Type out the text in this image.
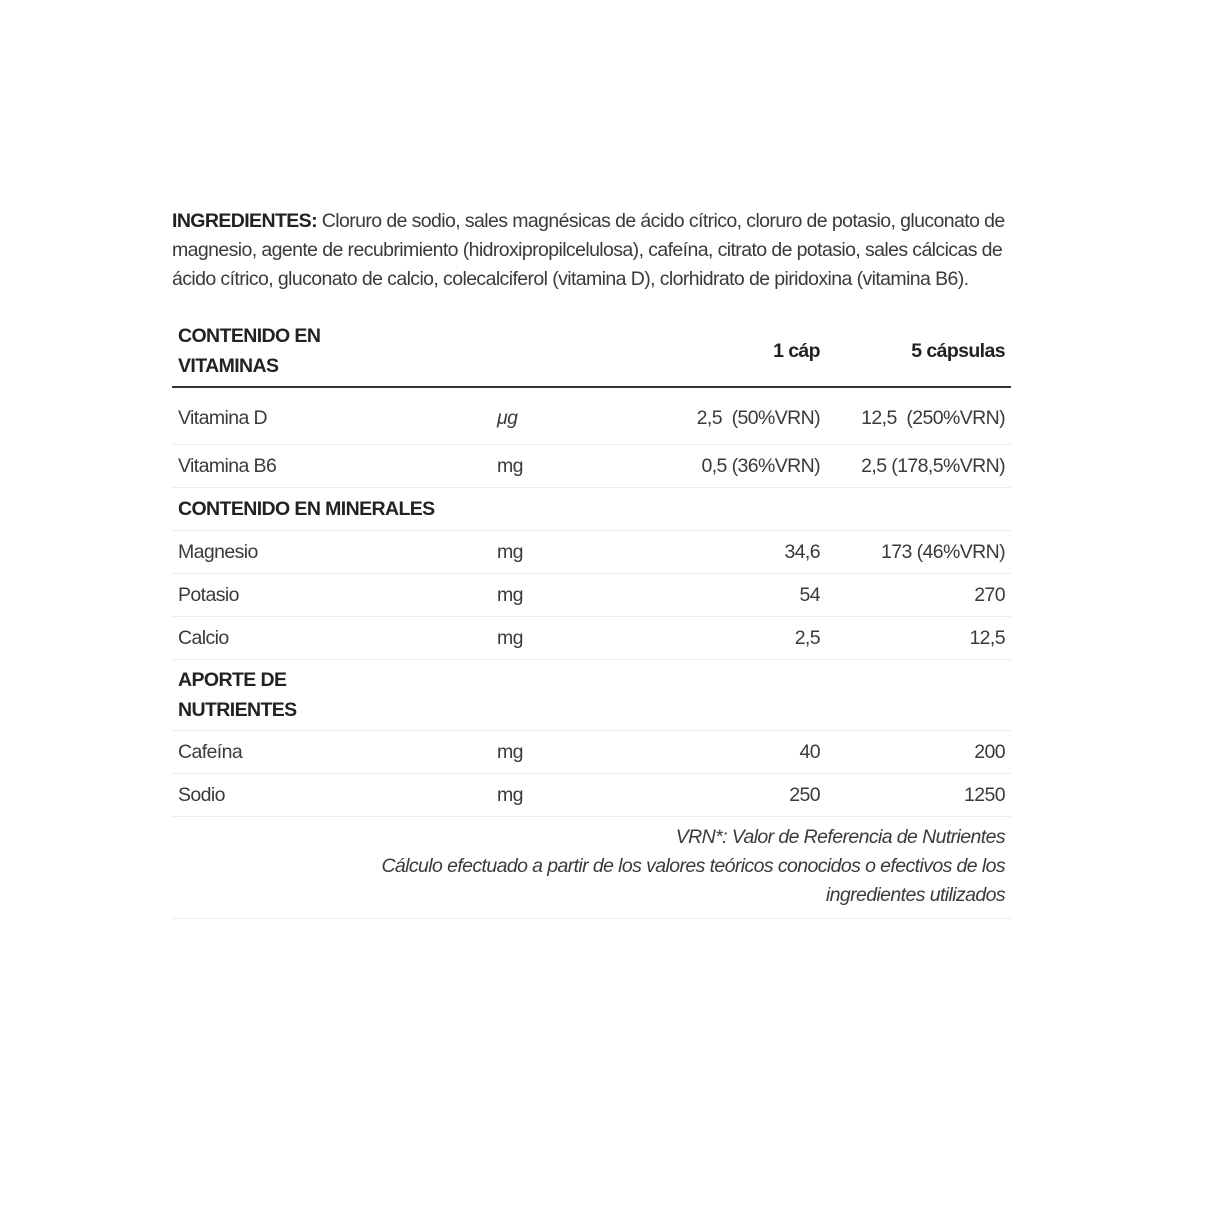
INGREDIENTES: Cloruro de sodio, sales magnésicas de ácido cítrico, cloruro de potasio, gluconato de magnesio, agente de recubrimiento (hidroxipropilcelulosa), cafeína, citrato de potasio, sales cálcicas de ácido cítrico, gluconato de calcio, colecalciferol (vitamina D), clorhidrato de piridoxina (vitamina B6).

CONTENIDO EN
VITAMINAS		1 cáp	5 cápsulas
Vitamina D	μg	2,5  (50%VRN)	12,5  (250%VRN)
Vitamina B6	mg	0,5 (36%VRN)	2,5 (178,5%VRN)
CONTENIDO EN MINERALES			
Magnesio	mg	34,6	173 (46%VRN)
Potasio	mg	54	270
Calcio	mg	2,5	12,5

APORTE DE
NUTRIENTES			

Cafeína	mg	40	200
Sodio	mg	250	1250

VRN*: Valor de Referencia de Nutrientes
Cálculo efectuado a partir de los valores teóricos conocidos o efectivos de los
ingredientes utilizados			
